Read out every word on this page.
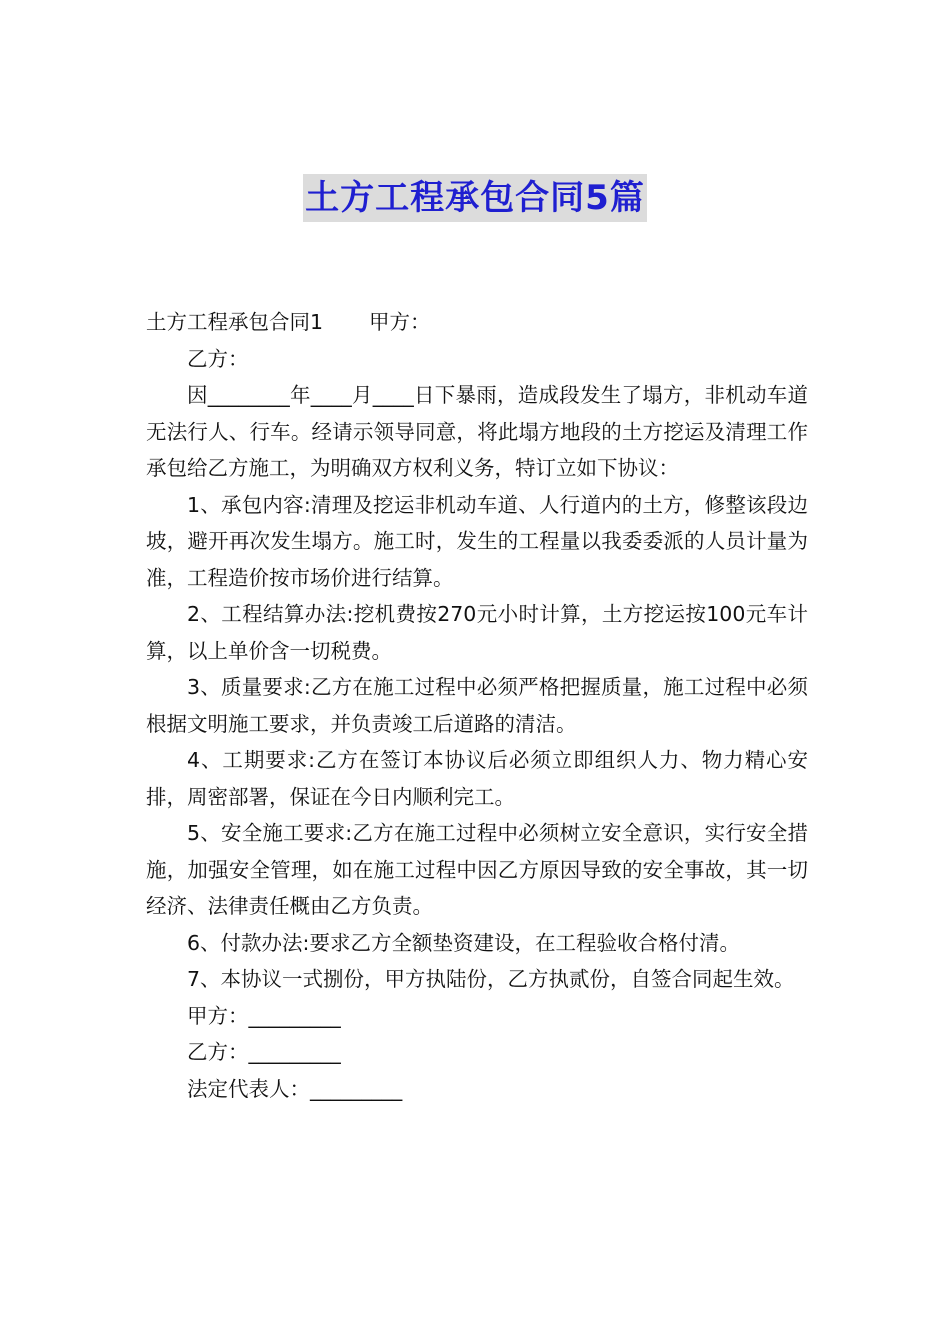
土方工程承包合同5篇

土方工程承包合同1 甲方：

乙方：

因________年____月____日下暴雨，造成段发生了塌方，非机动车道无法行人、行车。经请示领导同意，将此塌方地段的土方挖运及清理工作承包给乙方施工，为明确双方权利义务，特订立如下协议：

1、承包内容:清理及挖运非机动车道、人行道内的土方，修整该段边坡，避开再次发生塌方。施工时，发生的工程量以我委委派的人员计量为准，工程造价按市场价进行结算。

2、工程结算办法:挖机费按270元小时计算，土方挖运按100元车计算，以上单价含一切税费。

3、质量要求:乙方在施工过程中必须严格把握质量，施工过程中必须根据文明施工要求，并负责竣工后道路的清洁。

4、工期要求:乙方在签订本协议后必须立即组织人力、物力精心安排，周密部署，保证在今日内顺利完工。

5、安全施工要求:乙方在施工过程中必须树立安全意识，实行安全措施，加强安全管理，如在施工过程中因乙方原因导致的安全事故，其一切经济、法律责任概由乙方负责。

6、付款办法:要求乙方全额垫资建设，在工程验收合格付清。

7、本协议一式捌份，甲方执陆份，乙方执贰份，自签合同起生效。

甲方：_________

乙方：_________

法定代表人：_________
